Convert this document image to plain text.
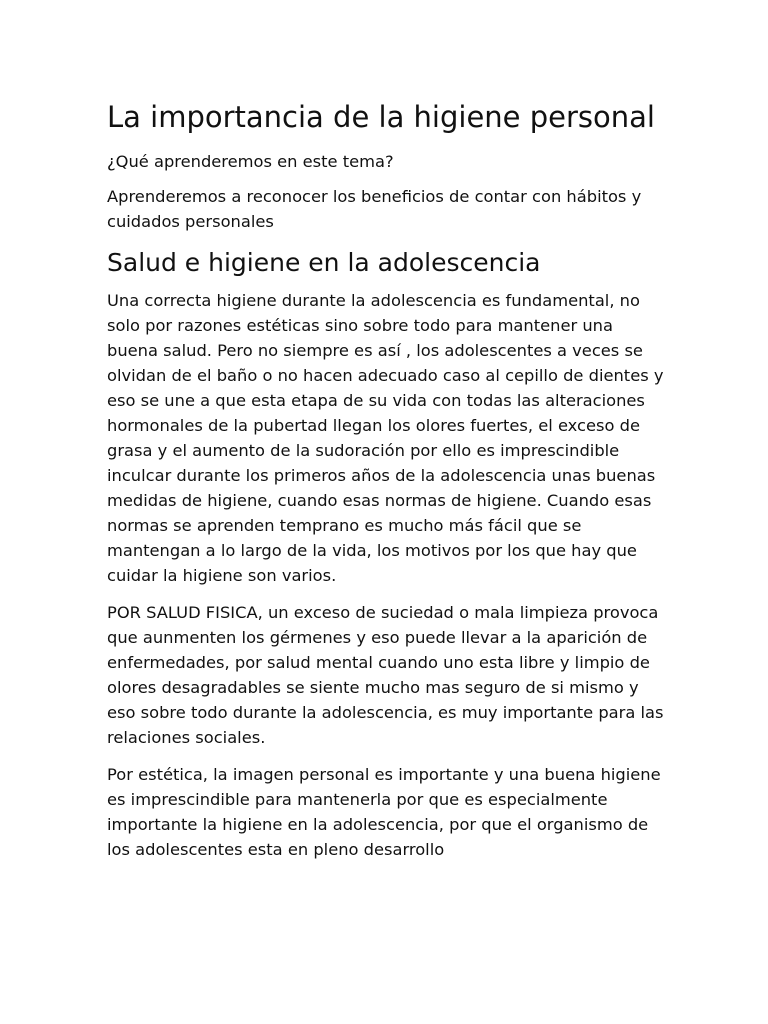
La importancia de la higiene personal

¿Qué aprenderemos en este tema?

Aprenderemos a reconocer los beneficios de contar con hábitos y cuidados personales

Salud e higiene en la adolescencia

Una correcta higiene durante la adolescencia es fundamental, no solo por razones estéticas sino sobre todo para mantener una buena salud. Pero no siempre es así , los adolescentes a veces se olvidan de el baño o no hacen adecuado caso al cepillo de dientes y eso se une a que esta etapa de su vida con todas las alteraciones hormonales de la pubertad llegan los olores fuertes, el exceso de grasa y el aumento de la sudoración por ello es imprescindible inculcar durante los primeros años de la adolescencia unas buenas medidas de higiene, cuando esas normas de higiene. Cuando esas normas se aprenden temprano es mucho más fácil que se mantengan a lo largo de la vida, los motivos por los que hay que cuidar la higiene son varios.

POR SALUD FISICA, un exceso de suciedad o mala limpieza provoca que aunmenten los gérmenes y eso puede llevar a la aparición de enfermedades, por salud mental cuando uno esta libre y limpio de olores desagradables se siente mucho mas seguro de si mismo y eso sobre todo durante la adolescencia, es muy importante para las relaciones sociales.

Por estética, la imagen personal es importante y una buena higiene es imprescindible para mantenerla por que es especialmente importante la higiene en la adolescencia, por que el organismo de los adolescentes esta en pleno desarrollo
